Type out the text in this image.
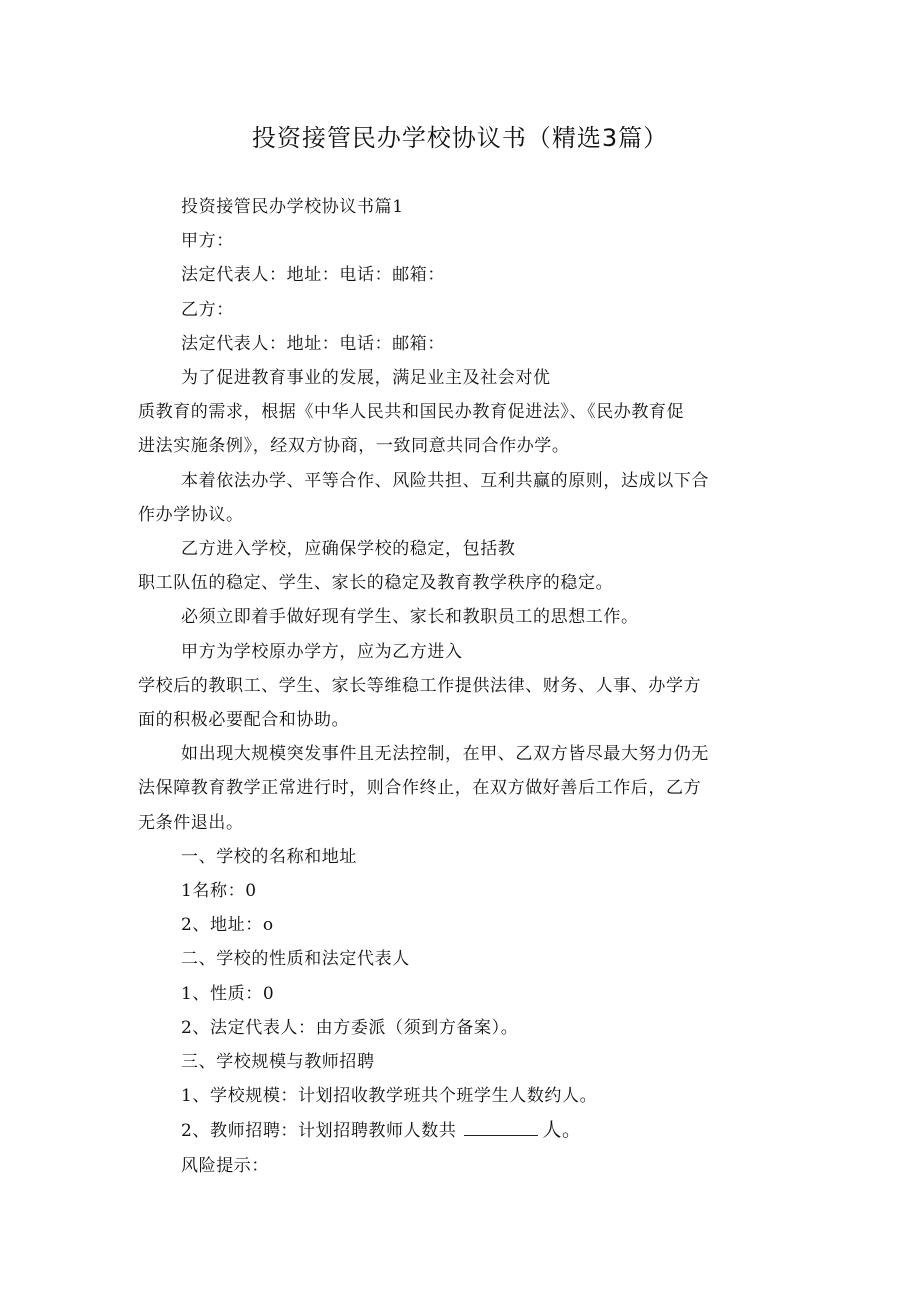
投资接管民办学校协议书（精选3篇）

投资接管民办学校协议书篇1

甲方：

法定代表人：地址：电话：邮箱：

乙方：

法定代表人：地址：电话：邮箱：

为了促进教育事业的发展，满足业主及社会对优

质教育的需求，根据《中华人民共和国民办教育促进法》、《民办教育促

进法实施条例》，经双方协商，一致同意共同合作办学。

本着依法办学、平等合作、风险共担、互利共赢的原则，达成以下合

作办学协议。

乙方进入学校，应确保学校的稳定，包括教

职工队伍的稳定、学生、家长的稳定及教育教学秩序的稳定。

必须立即着手做好现有学生、家长和教职员工的思想工作。

甲方为学校原办学方，应为乙方进入

学校后的教职工、学生、家长等维稳工作提供法律、财务、人事、办学方

面的积极必要配合和协助。

如出现大规模突发事件且无法控制，在甲、乙双方皆尽最大努力仍无

法保障教育教学正常进行时，则合作终止，在双方做好善后工作后，乙方

无条件退出。

一、学校的名称和地址

1名称：0

2、地址：o

二、学校的性质和法定代表人

1、性质：0

2、法定代表人：由方委派（须到方备案）。

三、学校规模与教师招聘

1、学校规模：计划招收教学班共个班学生人数约人。

2、教师招聘：计划招聘教师人数共	人。

风险提示：
